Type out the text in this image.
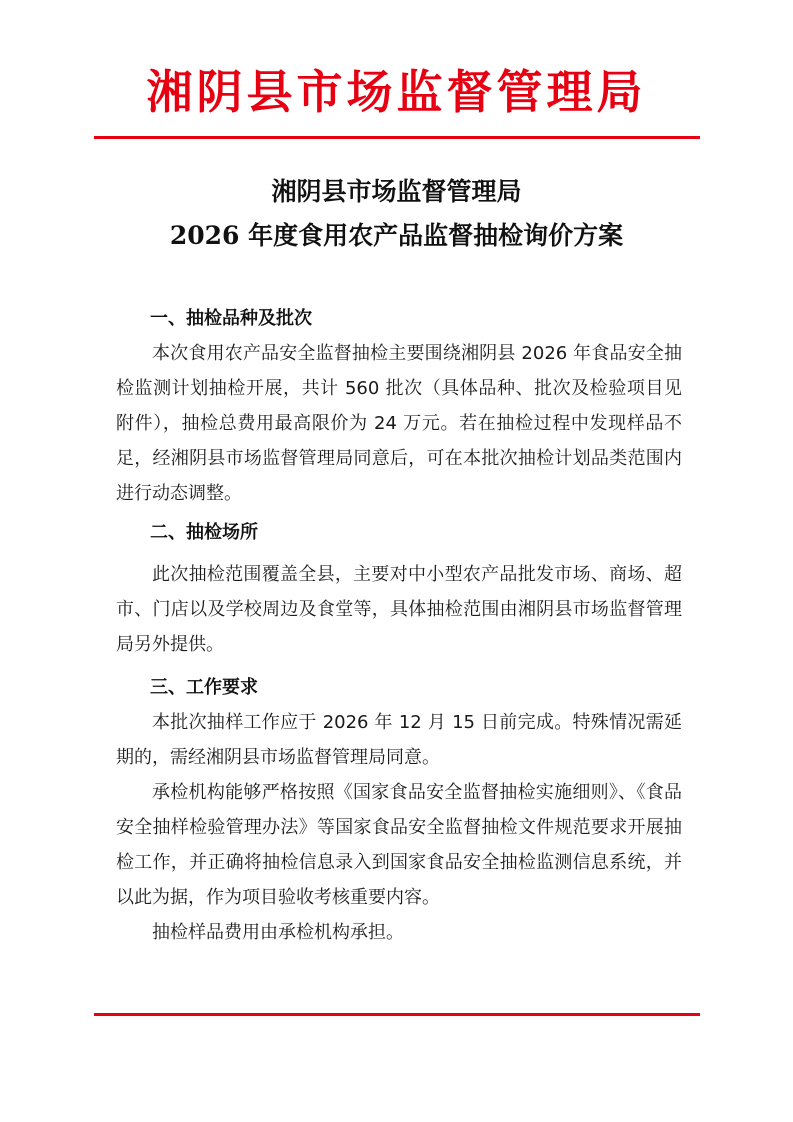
湘阴县市场监督管理局
湘阴县市场监督管理局
2026 年度食用农产品监督抽检询价方案
一、抽检品种及批次

本次食用农产品安全监督抽检主要围绕湘阴县 2026 年食品安全抽检监测计划抽检开展，共计 560 批次（具体品种、批次及检验项目见附件），抽检总费用最高限价为 24 万元。若在抽检过程中发现样品不足，经湘阴县市场监督管理局同意后，可在本批次抽检计划品类范围内进行动态调整。

二、抽检场所

此次抽检范围覆盖全县，主要对中小型农产品批发市场、商场、超市、门店以及学校周边及食堂等，具体抽检范围由湘阴县市场监督管理局另外提供。

三、工作要求

本批次抽样工作应于 2026 年 12 月 15 日前完成。特殊情况需延期的，需经湘阴县市场监督管理局同意。

承检机构能够严格按照《国家食品安全监督抽检实施细则》、《食品安全抽样检验管理办法》等国家食品安全监督抽检文件规范要求开展抽检工作，并正确将抽检信息录入到国家食品安全抽检监测信息系统，并以此为据，作为项目验收考核重要内容。

抽检样品费用由承检机构承担。
